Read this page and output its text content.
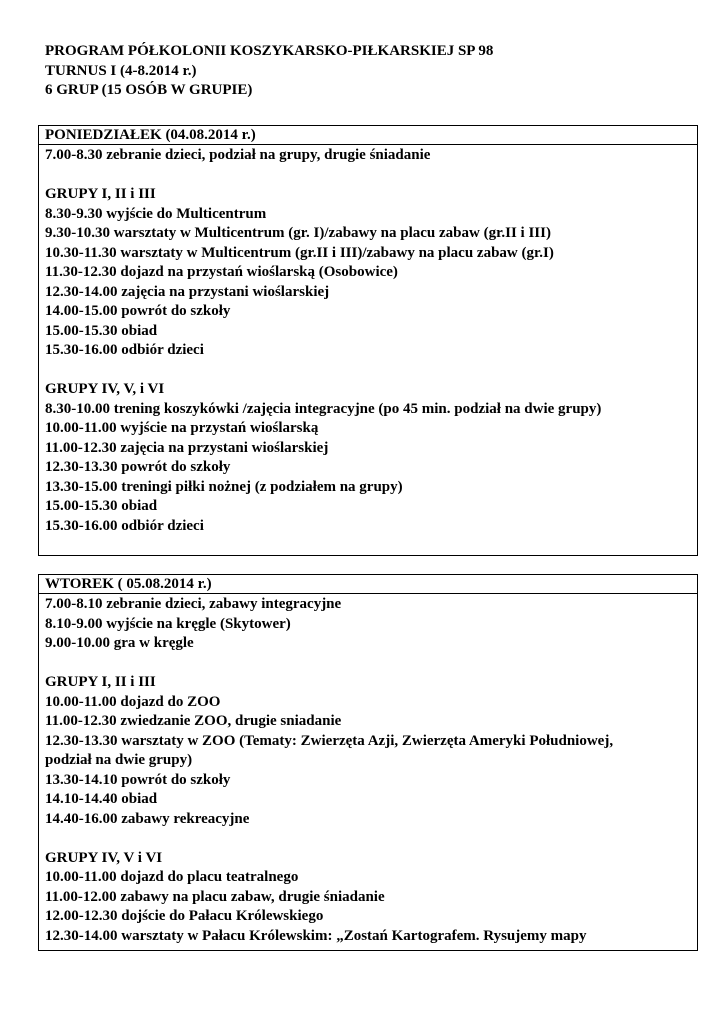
PROGRAM PÓŁKOLONII KOSZYKARSKO-PIŁKARSKIEJ SP 98
TURNUS I (4-8.2014 r.)
6 GRUP (15 OSÓB W GRUPIE)
PONIEDZIAŁEK (04.08.2014 r.)
7.00-8.30 zebranie dzieci, podział na grupy, drugie śniadanie
GRUPY I, II i III
8.30-9.30 wyjście do Multicentrum
9.30-10.30 warsztaty w Multicentrum (gr. I)/zabawy na placu zabaw (gr.II i III)
10.30-11.30 warsztaty w Multicentrum (gr.II i III)/zabawy na placu zabaw (gr.I)
11.30-12.30 dojazd na przystań wioślarską (Osobowice)
12.30-14.00 zajęcia na przystani wioślarskiej
14.00-15.00 powrót do szkoły
15.00-15.30 obiad
15.30-16.00 odbiór dzieci
GRUPY IV, V, i VI
8.30-10.00 trening koszykówki /zajęcia integracyjne (po 45 min. podział na dwie grupy)
10.00-11.00 wyjście na przystań wioślarską
11.00-12.30 zajęcia na przystani wioślarskiej
12.30-13.30 powrót do szkoły
13.30-15.00 treningi piłki nożnej (z podziałem na grupy)
15.00-15.30 obiad
15.30-16.00 odbiór dzieci
WTOREK ( 05.08.2014 r.)
7.00-8.10 zebranie dzieci, zabawy integracyjne
8.10-9.00 wyjście na kręgle (Skytower)
9.00-10.00 gra w kręgle
GRUPY I, II i III
10.00-11.00 dojazd do ZOO
11.00-12.30 zwiedzanie ZOO, drugie sniadanie
12.30-13.30 warsztaty w ZOO (Tematy: Zwierzęta Azji, Zwierzęta Ameryki Południowej,
podział na dwie grupy)
13.30-14.10 powrót do szkoły
14.10-14.40 obiad
14.40-16.00 zabawy rekreacyjne
GRUPY IV, V i VI
10.00-11.00 dojazd do placu teatralnego
11.00-12.00 zabawy na placu zabaw, drugie śniadanie
12.00-12.30 dojście do Pałacu Królewskiego
12.30-14.00 warsztaty w Pałacu Królewskim: „Zostań Kartografem. Rysujemy mapy
